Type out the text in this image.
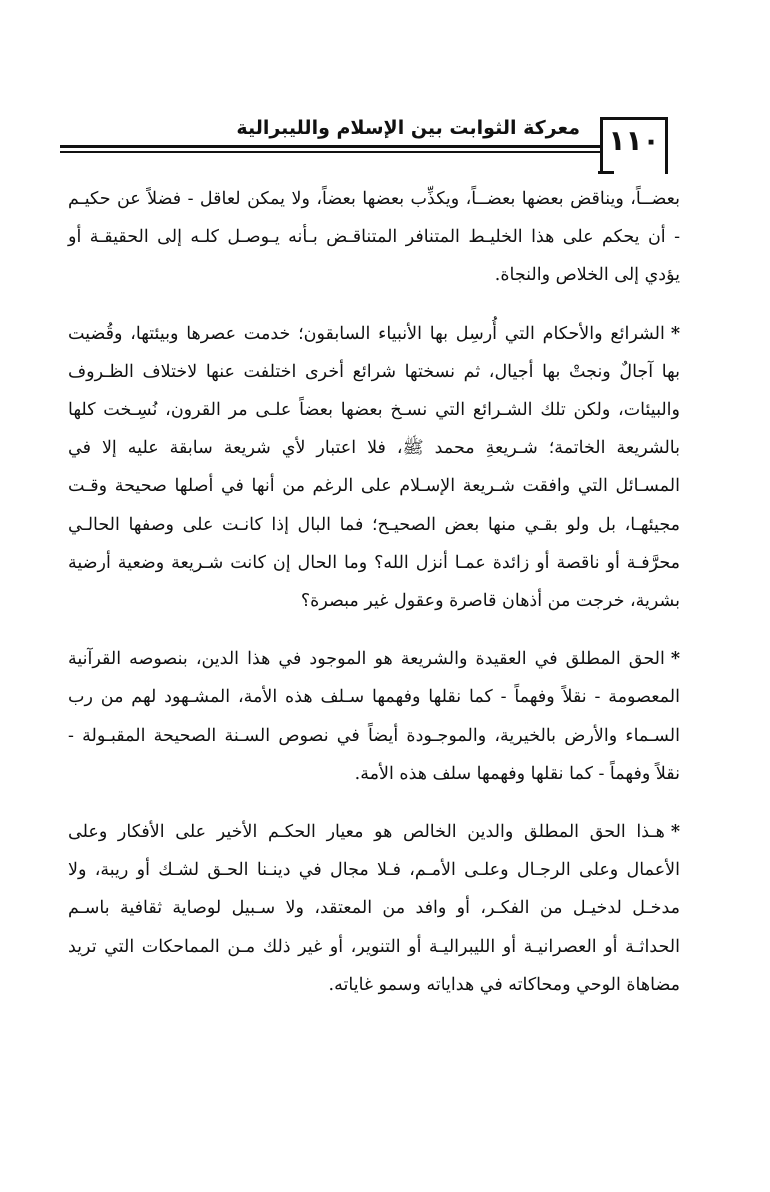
معركة الثوابت بين الإسلام والليبرالية ١١٠

بعضــاً، ويناقض بعضها بعضــاً، ويكذِّب بعضها بعضاً، ولا يمكن لعاقل - فضلاً عن حكيـم - أن يحكم على هذا الخليـط المتنافر المتناقـض بـأنه يـوصـل كلـه إلى الحقيقـة أو يؤدي إلى الخلاص والنجاة.

*الشرائع والأحكام التي أُرسِل بها الأنبياء السابقون؛ خدمت عصرها وبيئتها، وقُضيت بها آجالٌ ونجتْ بها أجيال، ثم نسختها شرائع أخرى اختلفت عنها لاختلاف الظـروف والبيئات، ولكن تلك الشـرائع التي نسـخ بعضها بعضاً علـى مر القرون، نُسِـخت كلها بالشريعة الخاتمة؛ شـريعةِ محمد ﷺ، فلا اعتبار لأي شريعة سابقة عليه إلا في المسـائل التي وافقت شـريعة الإسـلام على الرغم من أنها في أصلها صحيحة وقـت مجيئهـا، بل ولو بقـي منها بعض الصحيـح؛ فما البال إذا كانـت على وصفها الحالـي محرَّفـة أو ناقصة أو زائدة عمـا أنزل الله؟ وما الحال إن كانت شـريعة وضعية أرضية بشرية، خرجت من أذهان قاصرة وعقول غير مبصرة؟

*الحق المطلق في العقيدة والشريعة هو الموجود في هذا الدين، بنصوصه القرآنية المعصومة - نقلاً وفهماً - كما نقلها وفهمها سـلف هذه الأمة، المشـهود لهم من رب السـماء والأرض بالخيرية، والموجـودة أيضاً في نصوص السـنة الصحيحة المقبـولة - نقلاً وفهماً - كما نقلها وفهمها سلف هذه الأمة.

*هـذا الحق المطلق والدين الخالص هو معيار الحكـم الأخير على الأفكار وعلى الأعمال وعلى الرجـال وعلـى الأمـم، فـلا مجال في دينـنا الحـق لشـك أو ريبة، ولا مدخـل لدخيـل من الفكـر، أو وافد من المعتقد، ولا سـبيل لوصاية ثقافية باسـم الحداثـة أو العصرانيـة أو الليبراليـة أو التنوير، أو غير ذلك مـن المماحكات التي تريد مضاهاة الوحي ومحاكاته في هداياته وسمو غاياته.
